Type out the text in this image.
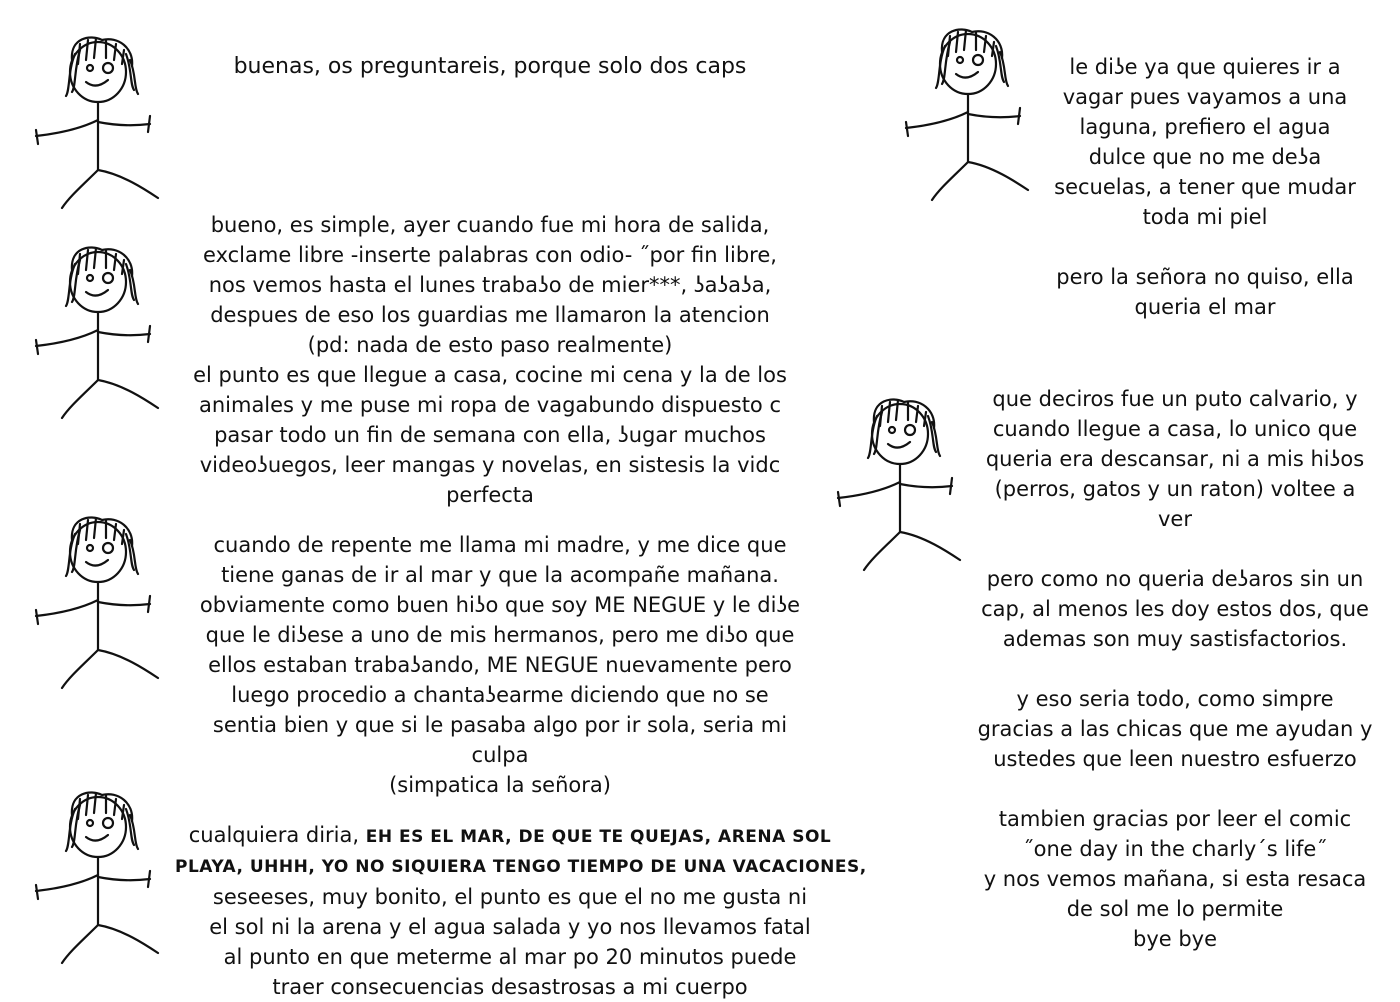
buenas, os preguntareis, porque solo dos caps
bueno, es simple, ayer cuando fue mi hora de salida,
exclame libre -inserte palabras con odio- ˝por fin libre,
nos vemos hasta el lunes trabaʖo de mier***, ʖaʖaʖa,
despues de eso los guardias me llamaron la atencion
(pd: nada de esto paso realmente)
el punto es que llegue a casa, cocine mi cena y la de los
animales y me puse mi ropa de vagabundo dispuesto c
pasar todo un fin de semana con ella, ʖugar muchos
videoʖuegos, leer mangas y novelas, en sistesis la vidc
perfecta
cuando de repente me llama mi madre, y me dice que
tiene ganas de ir al mar y que la acompañe mañana.
obviamente como buen hiʖo que soy ME NEGUE y le diʖe
que le diʖese a uno de mis hermanos, pero me diʖo que
ellos estaban trabaʖando, ME NEGUE nuevamente pero
luego procedio a chantaʖearme diciendo que no se
sentia bien y que si le pasaba algo por ir sola, seria mi
culpa
(simpatica la señora)
cualquiera diria, EH ES EL MAR, DE QUE TE QUEJAS, ARENA SOL
PLAYA, UHHH, YO NO SIQUIERA TENGO TIEMPO DE UNA VACACIONES,
seseeses, muy bonito, el punto es que el no me gusta ni
el sol ni la arena y el agua salada y yo nos llevamos fatal
al punto en que meterme al mar po 20 minutos puede
traer consecuencias desastrosas a mi cuerpo
le diʖe ya que quieres ir a
vagar pues vayamos a una
laguna, prefiero el agua
dulce que no me deʖa
secuelas, a tener que mudar
toda mi piel
pero la señora no quiso, ella
queria el mar
que deciros fue un puto calvario, y
cuando llegue a casa, lo unico que
queria era descansar, ni a mis hiʖos
(perros, gatos y un raton) voltee a
ver
pero como no queria deʖaros sin un
cap, al menos les doy estos dos, que
ademas son muy sastisfactorios.
y eso seria todo, como simpre
gracias a las chicas que me ayudan y
ustedes que leen nuestro esfuerzo
tambien gracias por leer el comic
˝one day in the charly´s life˝
y nos vemos mañana, si esta resaca
de sol me lo permite
bye bye
